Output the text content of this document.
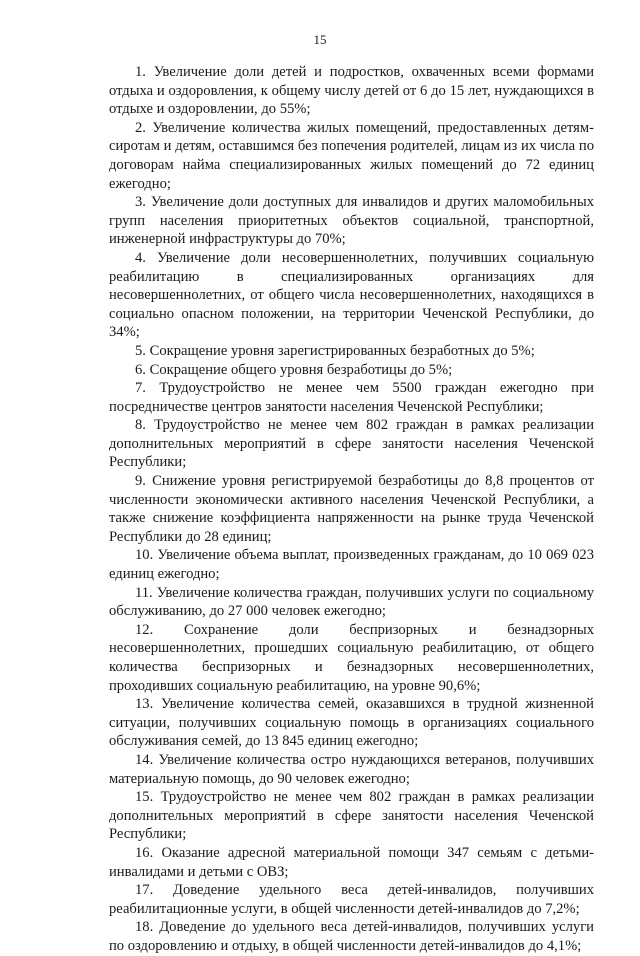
15

1. Увеличение доли детей и подростков, охваченных всеми формами отдыха и оздоровления, к общему числу детей от 6 до 15 лет, нуждающихся в отдыхе и оздоровлении, до 55%;

2. Увеличение количества жилых помещений, предоставленных детям-сиротам и детям, оставшимся без попечения родителей, лицам из их числа по договорам найма специализированных жилых помещений до 72 единиц ежегодно;

3. Увеличение доли доступных для инвалидов и других маломобильных групп населения приоритетных объектов социальной, транспортной, инженерной инфраструктуры до 70%;

4. Увеличение доли несовершеннолетних, получивших социальную реабилитацию в специализированных организациях для несовершеннолетних, от общего числа несовершеннолетних, находящихся в социально опасном положении, на территории Чеченской Республики, до 34%;

5. Сокращение уровня зарегистрированных безработных до 5%;

6. Сокращение общего уровня безработицы до 5%;

7. Трудоустройство не менее чем 5500 граждан ежегодно при посредничестве центров занятости населения Чеченской Республики;

8. Трудоустройство не менее чем 802 граждан в рамках реализации дополнительных мероприятий в сфере занятости населения Чеченской Республики;

9. Снижение уровня регистрируемой безработицы до 8,8 процентов от численности экономически активного населения Чеченской Республики, а также снижение коэффициента напряженности на рынке труда Чеченской Республики до 28 единиц;

10. Увеличение объема выплат, произведенных гражданам, до 10 069 023 единиц ежегодно;

11. Увеличение количества граждан, получивших услуги по социальному обслуживанию, до 27 000 человек ежегодно;

12. Сохранение доли беспризорных и безнадзорных несовершеннолетних, прошедших социальную реабилитацию, от общего количества беспризорных и безнадзорных несовершеннолетних, проходивших социальную реабилитацию, на уровне 90,6%;

13. Увеличение количества семей, оказавшихся в трудной жизненной ситуации, получивших социальную помощь в организациях социального обслуживания семей, до 13 845 единиц ежегодно;

14. Увеличение количества остро нуждающихся ветеранов, получивших материальную помощь, до 90 человек ежегодно;

15. Трудоустройство не менее чем 802 граждан в рамках реализации дополнительных мероприятий в сфере занятости населения Чеченской Республики;

16. Оказание адресной материальной помощи 347 семьям с детьми-инвалидами и детьми с ОВЗ;

17. Доведение удельного веса детей-инвалидов, получивших реабилитационные услуги, в общей численности детей-инвалидов до 7,2%;

18. Доведение до удельного веса детей-инвалидов, получивших услуги по оздоровлению и отдыху, в общей численности детей-инвалидов до 4,1%;
